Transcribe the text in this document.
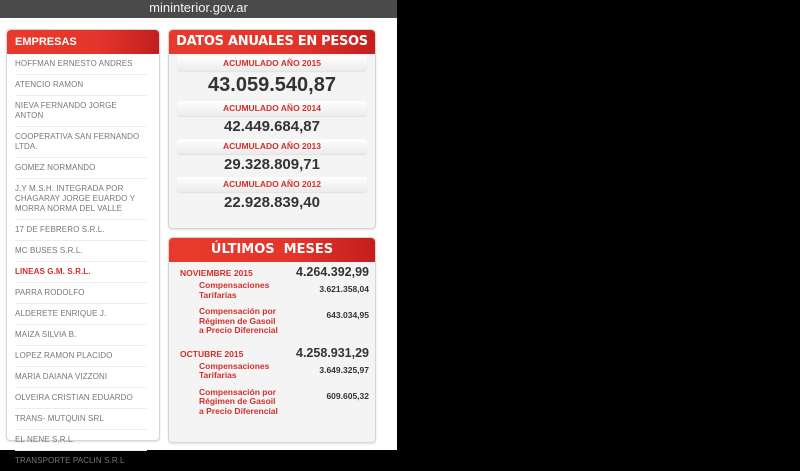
mininterior.gov.ar
EMPRESAS
HOFFMAN ERNESTO ANDRES
ATENCIO RAMON
NIEVA FERNANDO JORGE ANTON
COOPERATIVA SAN FERNANDO LTDA.
GOMEZ NORMANDO
J.Y M.S.H. INTEGRADA POR CHAGARAY JORGE EUARDO Y MORRA NORMA DEL VALLE
17 DE FEBRERO S.R.L.
MC BUSES S.R.L.
LINEAS G.M. S.R.L.
PARRA RODOLFO
ALDERETE ENRIQUE J.
MAIZA SILVIA B.
LOPEZ RAMON PLACIDO
MARIA DAIANA VIZZONI
OLVEIRA CRISTIAN EDUARDO
TRANS- MUTQUIN SRL
EL NENE S.R.L.
TRANSPORTE PACLIN S.R.L
DATOS ANUALES EN PESOS
ACUMULADO AÑO 2015
43.059.540,87
ACUMULADO AÑO 2014
42.449.684,87
ACUMULADO AÑO 2013
29.328.809,71
ACUMULADO AÑO 2012
22.928.839,40
ÚLTIMOS  MESES
NOVIEMBRE 2015	4.264.392,99
Compensaciones Tarifarias
3.621.358,04
Compensación por Régimen de Gasoil a Precio Diferencial
643.034,95
OCTUBRE 2015	4.258.931,29
Compensaciones Tarifarias
3.649.325,97
Compensación por Régimen de Gasoil a Precio Diferencial
609.605,32
